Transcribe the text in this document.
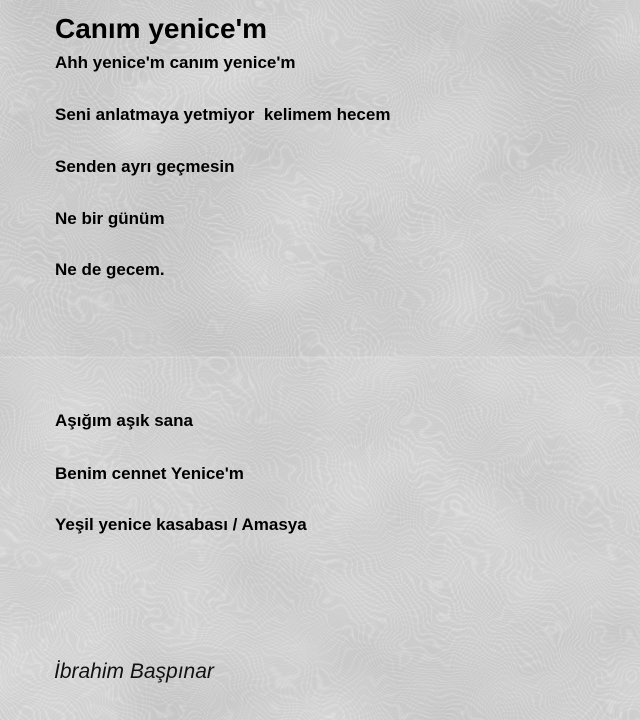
Canım yenice'm
Ahh yenice'm canım yenice'm
Seni anlatmaya yetmiyor  kelimem hecem
Senden ayrı geçmesin
Ne bir günüm
Ne de gecem.
Aşığım aşık sana
Benim cennet Yenice'm
Yeşil yenice kasabası / Amasya
İbrahim Başpınar
